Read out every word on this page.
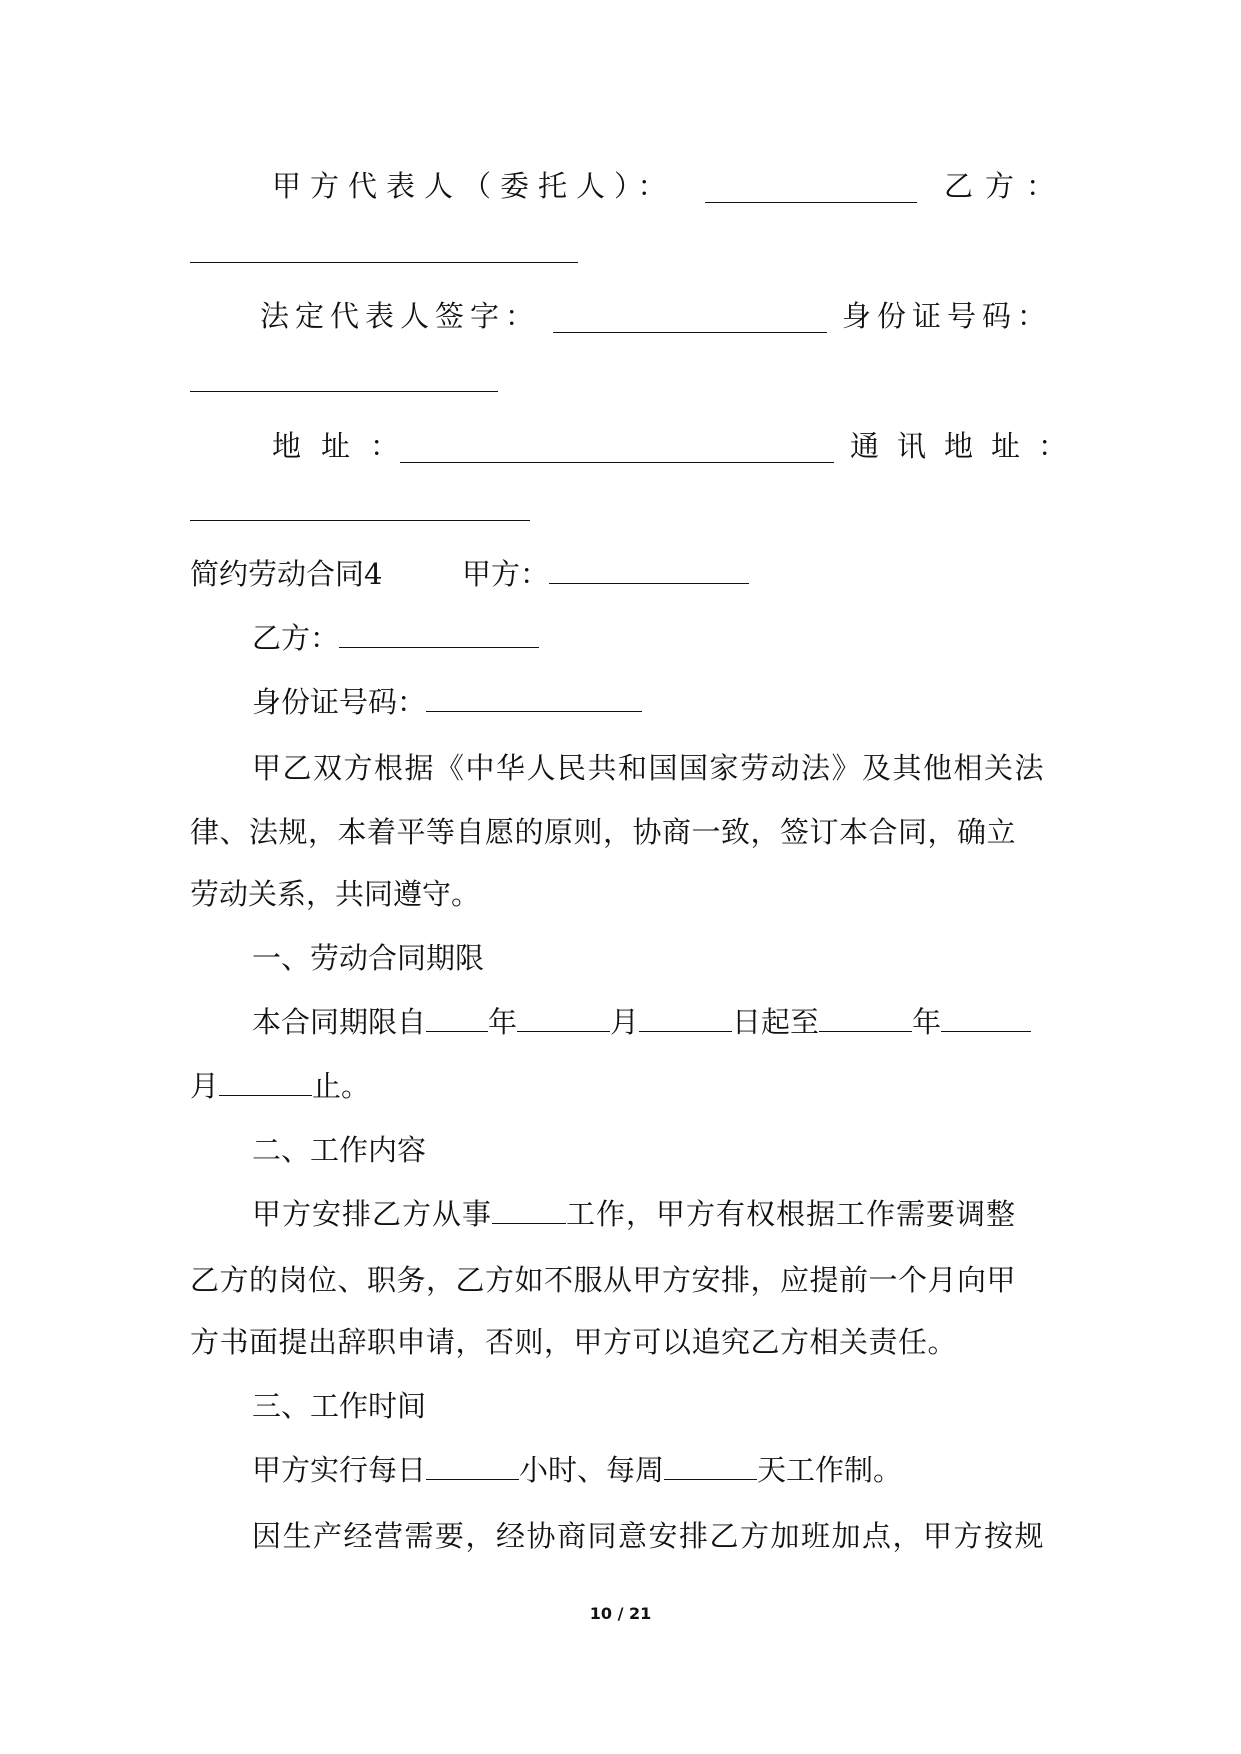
甲方代表人（委托人）：	乙方：
法定代表人签字：	身份证号码：
地址：	通讯地址：
简约劳动合同4	甲方：
乙方：
身份证号码：
甲乙双方根据《中华人民共和国国家劳动法》及其他相关法
律、法规，本着平等自愿的原则，协商一致，签订本合同，确立
劳动关系，共同遵守。
一、劳动合同期限
本合同期限自 年	月	日起至	年
月	止。
二、工作内容
甲方安排乙方从事	工作，甲方有权根据工作需要调整
乙方的岗位、职务，乙方如不服从甲方安排，应提前一个月向甲
方书面提出辞职申请，否则，甲方可以追究乙方相关责任。
三、工作时间
甲方实行每日	小时、每周	天工作制。
因生产经营需要，经协商同意安排乙方加班加点，甲方按规
10 / 21
